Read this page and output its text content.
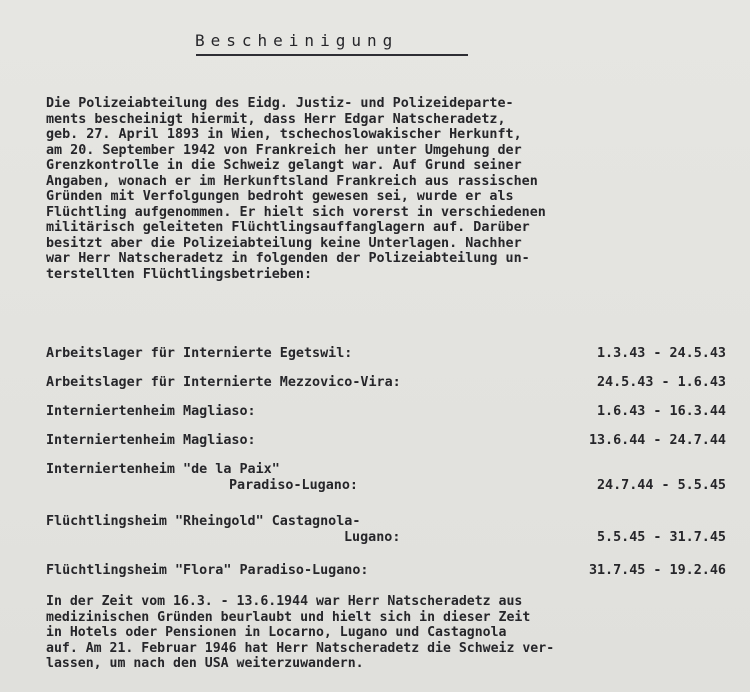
Bescheinigung

Die Polizeiabteilung des Eidg. Justiz- und Polizeideparte-
ments bescheinigt hiermit, dass Herr Edgar Natscheradetz,
geb. 27. April 1893 in Wien, tschechoslowakischer Herkunft,
am 20. September 1942 von Frankreich her unter Umgehung der
Grenzkontrolle in die Schweiz gelangt war. Auf Grund seiner
Angaben, wonach er im Herkunftsland Frankreich aus rassischen
Gründen mit Verfolgungen bedroht gewesen sei, wurde er als
Flüchtling aufgenommen. Er hielt sich vorerst in verschiedenen
militärisch geleiteten Flüchtlingsauffanglagern auf. Darüber
besitzt aber die Polizeiabteilung keine Unterlagen. Nachher
war Herr Natscheradetz in folgenden der Polizeiabteilung un-
terstellten Flüchtlingsbetrieben:

Arbeitslager für Internierte Egetswil:	1.3.43 - 24.5.43
Arbeitslager für Internierte Mezzovico-Vira:	24.5.43 - 1.6.43
Interniertenheim Magliaso:	1.6.43 - 16.3.44
Interniertenheim Magliaso:	13.6.44 - 24.7.44
Interniertenheim "de la Paix"
Paradiso-Lugano:	24.7.44 - 5.5.45
Flüchtlingsheim "Rheingold" Castagnola-
Lugano:	5.5.45 - 31.7.45
Flüchtlingsheim "Flora" Paradiso-Lugano:	31.7.45 - 19.2.46

In der Zeit vom 16.3. - 13.6.1944 war Herr Natscheradetz aus
medizinischen Gründen beurlaubt und hielt sich in dieser Zeit
in Hotels oder Pensionen in Locarno, Lugano und Castagnola
auf. Am 21. Februar 1946 hat Herr Natscheradetz die Schweiz ver-
lassen, um nach den USA weiterzuwandern.
